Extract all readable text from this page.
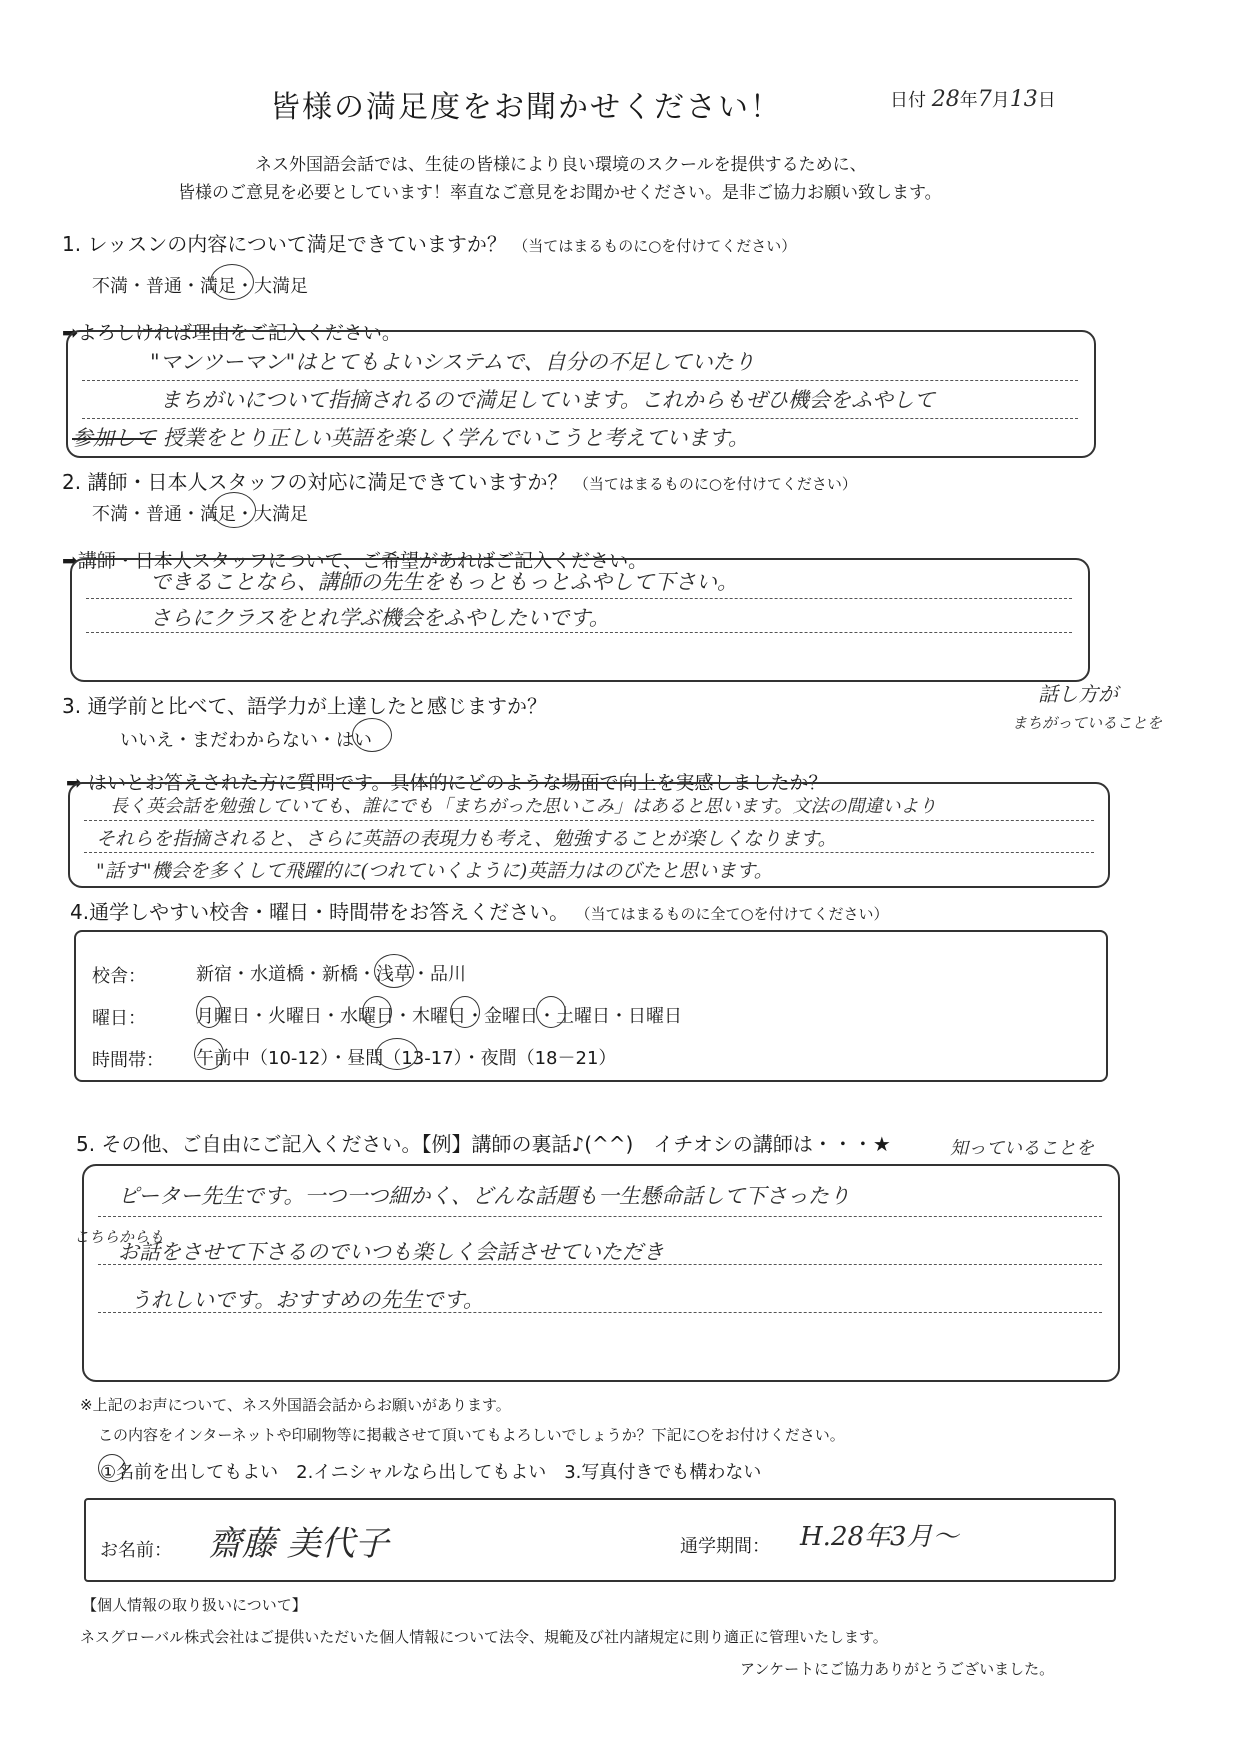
皆様の満足度をお聞かせください！	日付 28年7月13日
ネス外国語会話では、生徒の皆様により良い環境のスクールを提供するために、
皆様のご意見を必要としています！率直なご意見をお聞かせください。是非ご協力お願い致します。
1. レッスンの内容について満足できていますか？ （当てはまるものに○を付けてください）
不満・普通・満足・大満足
➡よろしければ理由をご記入ください。
"マンツーマン"はとてもよいシステムで、自分の不足していたり
まちがいについて指摘されるので満足しています。これからもぜひ機会をふやして
参加して 授業をとり正しい英語を楽しく学んでいこうと考えています。
2. 講師・日本人スタッフの対応に満足できていますか？ （当てはまるものに○を付けてください）
不満・普通・満足・大満足
➡講師・日本人スタッフについて、ご希望があればご記入ください。
できることなら、講師の先生をもっともっとふやして下さい。
さらにクラスをとれ学ぶ機会をふやしたいです。
3. 通学前と比べて、語学力が上達したと感じますか？
いいえ・まだわからない・はい
話し方が
まちがっていることを
➡ はいとお答えされた方に質問です。具体的にどのような場面で向上を実感しましたか？
長く英会話を勉強していても、誰にでも「まちがった思いこみ」はあると思います。文法の間違いより
それらを指摘されると、さらに英語の表現力も考え、勉強することが楽しくなります。
"話す"機会を多くして飛躍的に(つれていくように)英語力はのびたと思います。
4.通学しやすい校舎・曜日・時間帯をお答えください。 （当てはまるものに全て○を付けてください）
校舎：	新宿・水道橋・新橋・浅草・品川
曜日：	月曜日・火曜日・水曜日・木曜日・金曜日・土曜日・日曜日
時間帯： 午前中（10-12）・昼間（13-17）・夜間（18－21）
5. その他、ご自由にご記入ください。【例】講師の裏話♪(^^)　イチオシの講師は・・・★	知っていることを
ピーター先生です。一つ一つ細かく、どんな話題も一生懸命話して下さったり
こちらからも
お話をさせて下さるのでいつも楽しく会話させていただき
うれしいです。おすすめの先生です。
※上記のお声について、ネス外国語会話からお願いがあります。
この内容をインターネットや印刷物等に掲載させて頂いてもよろしいでしょうか？下記に○をお付けください。
①名前を出してもよい　2.イニシャルなら出してもよい　3.写真付きでも構わない
お名前： 齋藤 美代子	通学期間： H.28年3月〜
【個人情報の取り扱いについて】
ネスグローバル株式会社はご提供いただいた個人情報について法令、規範及び社内諸規定に則り適正に管理いたします。
アンケートにご協力ありがとうございました。
